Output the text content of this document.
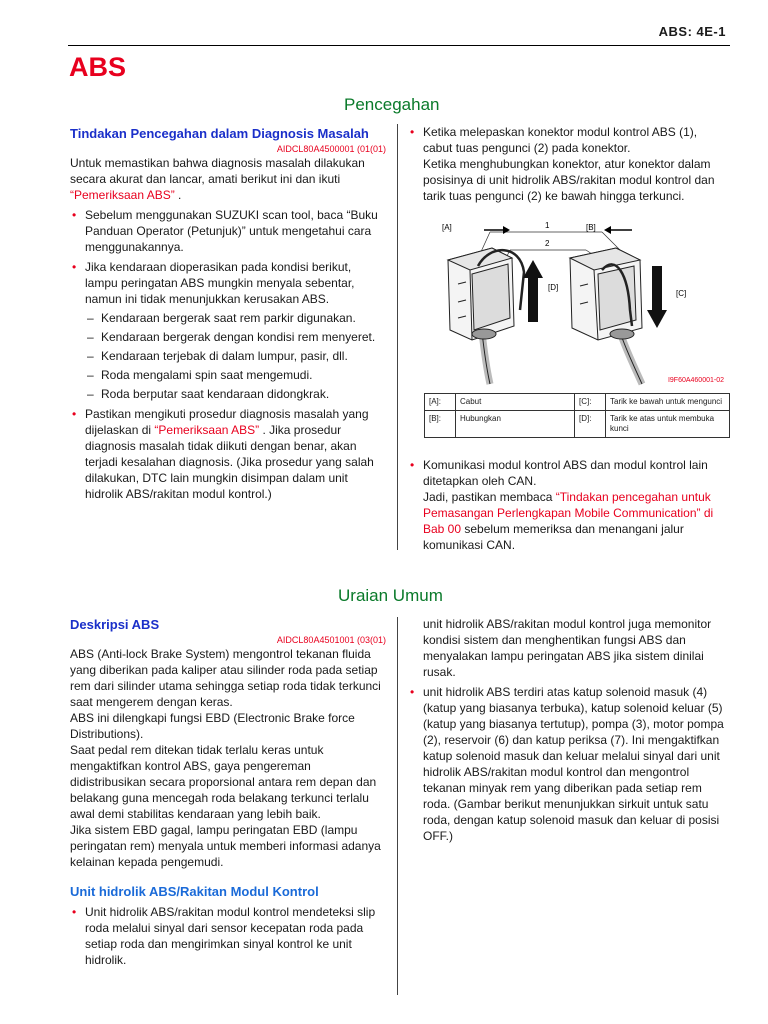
ABS: 4E-1
ABS
Pencegahan
Tindakan Pencegahan dalam Diagnosis Masalah
AIDCL80A4500001 (01(01)
Untuk memastikan bahwa diagnosis masalah dilakukan secara akurat dan lancar, amati berikut ini dan ikuti “Pemeriksaan ABS” .
• Sebelum menggunakan SUZUKI scan tool, baca “Buku Panduan Operator (Petunjuk)” untuk mengetahui cara menggunakannya.
• Jika kendaraan dioperasikan pada kondisi berikut, lampu peringatan ABS mungkin menyala sebentar, namun ini tidak menunjukkan kerusakan ABS.
– Kendaraan bergerak saat rem parkir digunakan.
– Kendaraan bergerak dengan kondisi rem menyeret.
– Kendaraan terjebak di dalam lumpur, pasir, dll.
– Roda mengalami spin saat mengemudi.
– Roda berputar saat kendaraan didongkrak.
• Pastikan mengikuti prosedur diagnosis masalah yang dijelaskan di “Pemeriksaan ABS” . Jika prosedur diagnosis masalah tidak diikuti dengan benar, akan terjadi kesalahan diagnosis. (Jika prosedur yang salah dilakukan, DTC lain mungkin disimpan dalam unit hidrolik ABS/rakitan modul kontrol.)
• Ketika melepaskan konektor modul kontrol ABS (1), cabut tuas pengunci (2) pada konektor.
Ketika menghubungkan konektor, atur konektor dalam posisinya di unit hidrolik ABS/rakitan modul kontrol dan tarik tuas pengunci (2) ke bawah hingga terkunci.
[A]	[B]
1
2
[D]
[C]
I9F60A460001-02
[A]:	Cabut	[C]:	Tarik ke bawah untuk mengunci
[B]:	Hubungkan	[D]:	Tarik ke atas untuk membuka kunci
• Komunikasi modul kontrol ABS dan modul kontrol lain ditetapkan oleh CAN.
Jadi, pastikan membaca “Tindakan pencegahan untuk Pemasangan Perlengkapan Mobile Communication” di Bab 00 sebelum memeriksa dan menangani jalur komunikasi CAN.
Uraian Umum
Deskripsi ABS
AIDCL80A4501001 (03(01)
ABS (Anti-lock Brake System) mengontrol tekanan fluida yang diberikan pada kaliper atau silinder roda pada setiap rem dari silinder utama sehingga setiap roda tidak terkunci saat mengerem dengan keras.
ABS ini dilengkapi fungsi EBD (Electronic Brake force Distributions).
Saat pedal rem ditekan tidak terlalu keras untuk mengaktifkan kontrol ABS, gaya pengereman didistribusikan secara proporsional antara rem depan dan belakang guna mencegah roda belakang terkunci terlalu awal demi stabilitas kendaraan yang lebih baik.
Jika sistem EBD gagal, lampu peringatan EBD (lampu peringatan rem) menyala untuk memberi informasi adanya kelainan kepada pengemudi.
Unit hidrolik ABS/Rakitan Modul Kontrol
• Unit hidrolik ABS/rakitan modul kontrol mendeteksi slip roda melalui sinyal dari sensor kecepatan roda pada setiap roda dan mengirimkan sinyal kontrol ke unit hidrolik.
unit hidrolik ABS/rakitan modul kontrol juga memonitor kondisi sistem dan menghentikan fungsi ABS dan menyalakan lampu peringatan ABS jika sistem dinilai rusak.
• unit hidrolik ABS terdiri atas katup solenoid masuk (4) (katup yang biasanya terbuka), katup solenoid keluar (5) (katup yang biasanya tertutup), pompa (3), motor pompa (2), reservoir (6) dan katup periksa (7). Ini mengaktifkan katup solenoid masuk dan keluar melalui sinyal dari unit hidrolik ABS/rakitan modul kontrol dan mengontrol tekanan minyak rem yang diberikan pada setiap rem roda. (Gambar berikut menunjukkan sirkuit untuk satu roda, dengan katup solenoid masuk dan keluar di posisi OFF.)
